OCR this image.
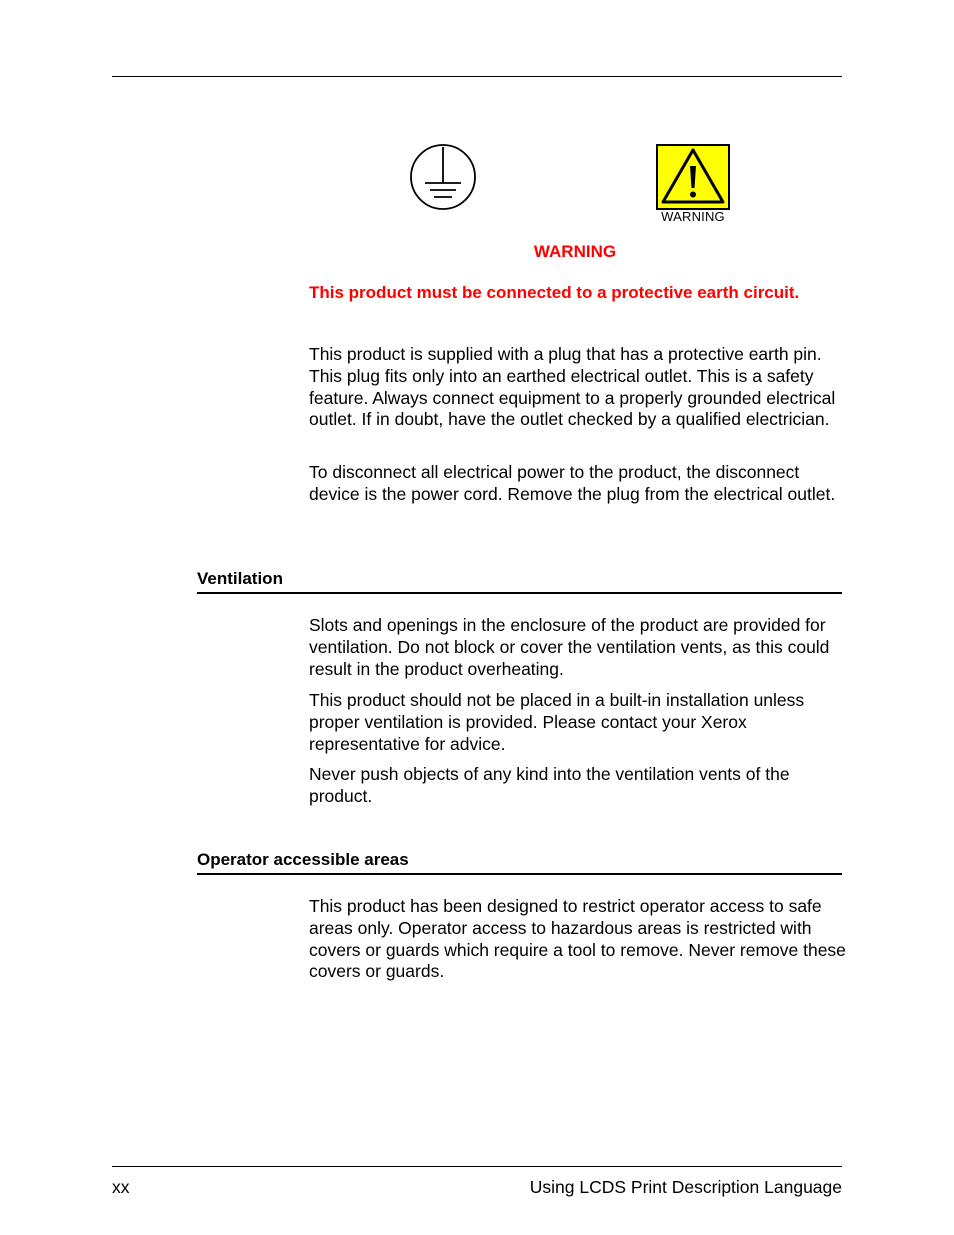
WARNING
WARNING

This product must be connected to a protective earth circuit.

This product is supplied with a plug that has a protective earth pin. This plug fits only into an earthed electrical outlet. This is a safety feature. Always connect equipment to a properly grounded electrical outlet. If in doubt, have the outlet checked by a qualified electrician.

To disconnect all electrical power to the product, the disconnect device is the power cord. Remove the plug from the electrical outlet.

Ventilation

Slots and openings in the enclosure of the product are provided for ventilation. Do not block or cover the ventilation vents, as this could result in the product overheating.

This product should not be placed in a built-in installation unless proper ventilation is provided. Please contact your Xerox representative for advice.

Never push objects of any kind into the ventilation vents of the product.

Operator accessible areas

This product has been designed to restrict operator access to safe areas only. Operator access to hazardous areas is restricted with covers or guards which require a tool to remove. Never remove these covers or guards.

xx	Using LCDS Print Description Language
